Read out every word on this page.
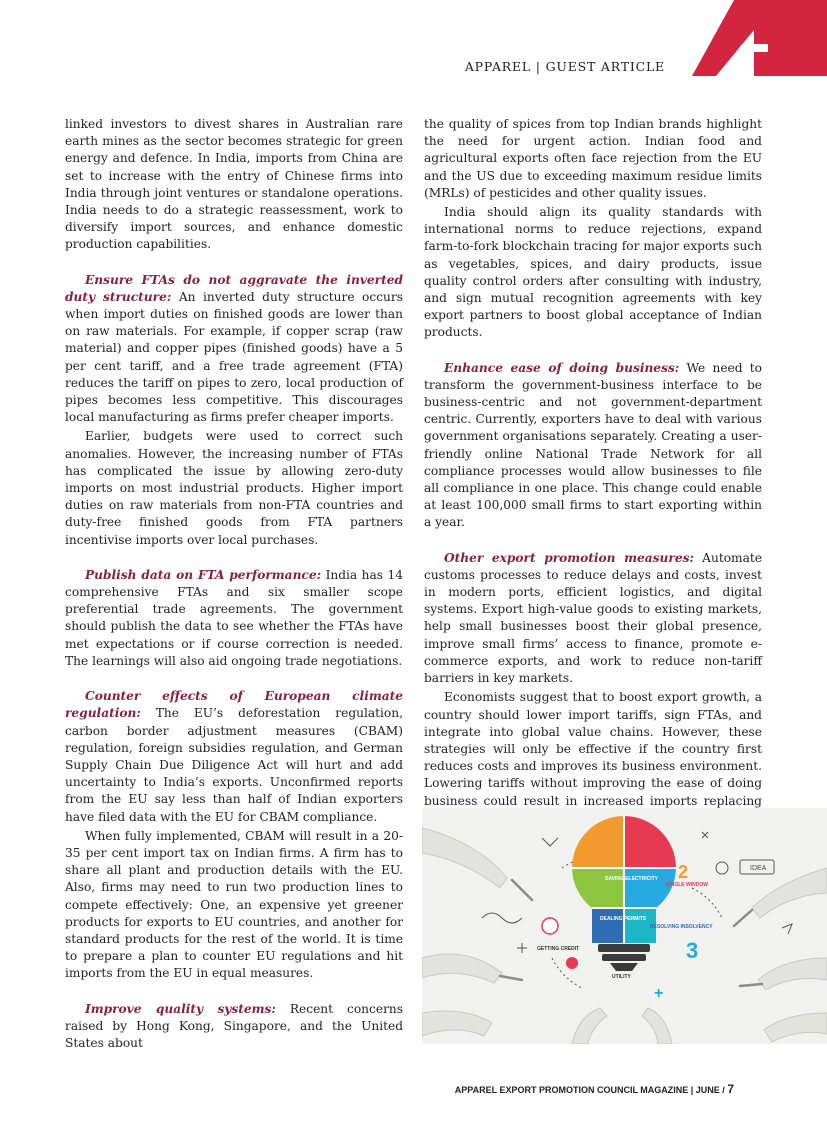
APPAREL | GUEST ARTICLE

linked investors to divest shares in Australian rare earth mines as the sector becomes strategic for green energy and defence. In India, imports from China are set to increase with the entry of Chinese firms into India through joint ventures or standalone operations. India needs to do a strategic reassessment, work to diversify import sources, and enhance domestic production capabilities.

Ensure FTAs do not aggravate the inverted duty structure: An inverted duty structure occurs when import duties on finished goods are lower than on raw materials. For example, if copper scrap (raw material) and copper pipes (finished goods) have a 5 per cent tariff, and a free trade agreement (FTA) reduces the tariff on pipes to zero, local production of pipes becomes less competitive. This discourages local manufacturing as firms prefer cheaper imports.

Earlier, budgets were used to correct such anomalies. However, the increasing number of FTAs has complicated the issue by allowing zero-duty imports on most industrial products. Higher import duties on raw materials from non-FTA countries and duty-free finished goods from FTA partners incentivise imports over local purchases.

Publish data on FTA performance: India has 14 comprehensive FTAs and six smaller scope preferential trade agreements. The government should publish the data to see whether the FTAs have met expectations or if course correction is needed. The learnings will also aid ongoing trade negotiations.

Counter effects of European climate regulation: The EU’s deforestation regulation, carbon border adjustment measures (CBAM) regulation, foreign subsidies regulation, and German Supply Chain Due Diligence Act will hurt and add uncertainty to India’s exports. Unconfirmed reports from the EU say less than half of Indian exporters have filed data with the EU for CBAM compliance.

When fully implemented, CBAM will result in a 20-35 per cent import tax on Indian firms. A firm has to share all plant and production details with the EU. Also, firms may need to run two production lines to compete effectively: One, an expensive yet greener products for exports to EU countries, and another for standard products for the rest of the world. It is time to prepare a plan to counter EU regulations and hit imports from the EU in equal measures.

Improve quality systems: Recent concerns raised by Hong Kong, Singapore, and the United States about

the quality of spices from top Indian brands highlight the need for urgent action. Indian food and agricultural exports often face rejection from the EU and the US due to exceeding maximum residue limits (MRLs) of pesticides and other quality issues.

India should align its quality standards with international norms to reduce rejections, expand farm-to-fork blockchain tracing for major exports such as vegetables, spices, and dairy products, issue quality control orders after consulting with industry, and sign mutual recognition agreements with key export partners to boost global acceptance of Indian products.

Enhance ease of doing business: We need to transform the government-business interface to be business-centric and not government-department centric. Currently, exporters have to deal with various government organisations separately. Creating a user-friendly online National Trade Network for all compliance processes would allow businesses to file all compliance in one place. This change could enable at least 100,000 small firms to start exporting within a year.

Other export promotion measures: Automate customs processes to reduce delays and costs, invest in modern ports, efficient logistics, and digital systems. Export high-value goods to existing markets, help small businesses boost their global presence, improve small firms’ access to finance, promote e-commerce exports, and work to reduce non-tariff barriers in key markets.

Economists suggest that to boost export growth, a country should lower import tariffs, sign FTAs, and integrate into global value chains. However, these strategies will only be effective if the country first reduces costs and improves its business environment. Lowering tariffs without improving the ease of doing business could result in increased imports replacing

SAVING ELECTRICITY
SINGLE WINDOW
GETTING CREDIT
RESOLVING INSOLVENCY
UTILITY
IDEA
DEALING PERMITS
3
2
+
APPAREL EXPORT PROMOTION COUNCIL MAGAZINE | JUNE / 7
